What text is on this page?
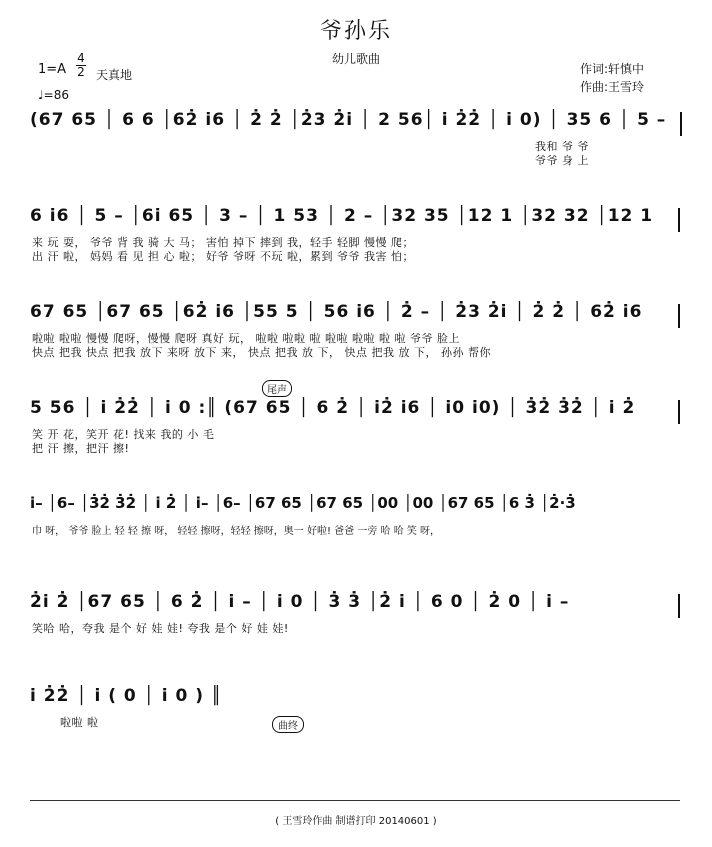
爷孙乐
幼儿歌曲
1=A
4
2
♩=86
天真地	作词:轩慎中
作曲:王雪玲
(67 65 │ 6 6 │62̇ i6 │ 2̇ 2̇ │2̇3 2̇i │ 2 56│ i 2̇2̇ │ i 0) │ 35 6 │ 5 –
我和 爷 爷
爷爷 身 上
6 i6 │ 5 – │6i 65 │ 3 – │ 1 53 │ 2 – │32 35 │12 1 │32 32 │12 1
来 玩 耍， 爷爷 背 我 骑 大 马； 害怕 掉下 摔到 我，轻手 轻脚 慢慢 爬；
出 汗 啦， 妈妈 看 见 担 心 啦； 好爷 爷呀 不玩 啦，累到 爷爷 我害 怕；
67 65 │67 65 │62̇ i6 │55 5 │ 56 i6 │ 2̇ – │ 2̇3 2̇i │ 2̇ 2̇ │ 62̇ i6
啦啦 啦啦 慢慢 爬呀，慢慢 爬呀 真好 玩， 啦啦 啦啦 啦 啦啦 啦啦 啦 啦 爷爷 脸上
快点 把我 快点 把我 放下 来呀 放下 来， 快点 把我 放 下， 快点 把我 放 下， 孙孙 帮你
尾声
5 56 │ i 2̇2̇ │ i 0 :║ (67 65 │ 6 2̇ │ i2̇ i6 │ i0 i0) │ 3̇2̇ 3̇2̇ │ i 2̇
笑 开 花，笑开 花! 找来 我的 小 毛
把 汗 擦，把汗 擦!
i– │6– │3̇2̇ 3̇2̇ │ i 2̇ │ i– │6– │67 65 │67 65 │00 │00 │67 65 │6 3̇ │2̇·3̇
巾 呀， 爷爷 脸上 轻 轻 擦 呀， 轻轻 擦呀，轻轻 擦呀，奥一 好啦! 爸爸 一旁 哈 哈 笑 呀，
2̇i 2̇ │67 65 │ 6 2̇ │ i – │ i 0 │ 3̇ 3̇ │2̇ i │ 6 0 │ 2̇ 0 │ i –
笑哈 哈，夸我 是个 好 娃 娃! 夸我 是个 好 娃 娃!
i 2̇2̇ │ i ( 0 │ i 0 ) ║
啦啦 啦	曲终
( 王雪玲作曲 制谱打印 20140601 )
